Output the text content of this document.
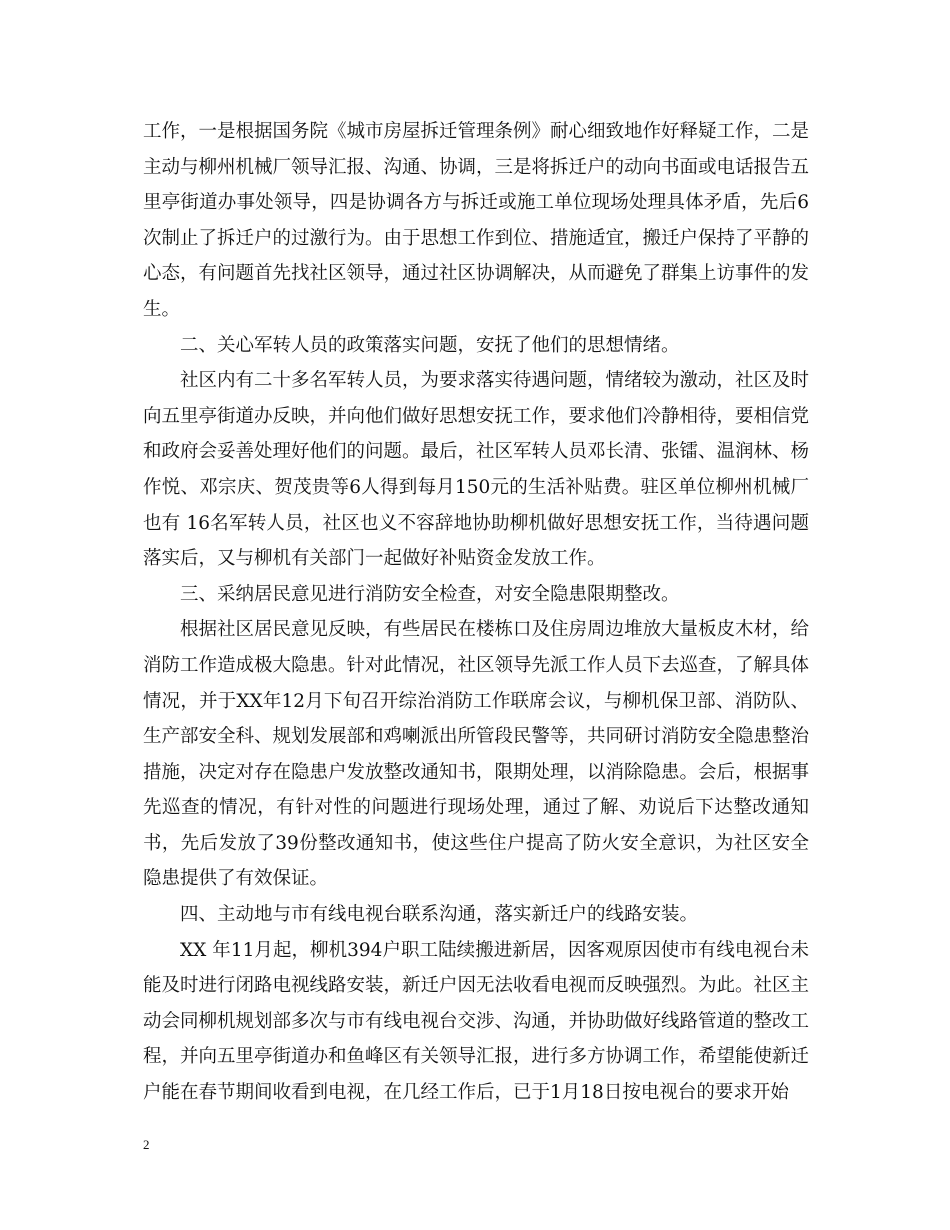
工作，一是根据国务院《城市房屋拆迁管理条例》耐心细致地作好释疑工作，二是主动与柳州机械厂领导汇报、沟通、协调，三是将拆迁户的动向书面或电话报告五里亭街道办事处领导，四是协调各方与拆迁或施工单位现场处理具体矛盾，先后6次制止了拆迁户的过激行为。由于思想工作到位、措施适宜，搬迁户保持了平静的心态，有问题首先找社区领导，通过社区协调解决，从而避免了群集上访事件的发生。

二、关心军转人员的政策落实问题，安抚了他们的思想情绪。

社区内有二十多名军转人员，为要求落实待遇问题，情绪较为激动，社区及时向五里亭街道办反映，并向他们做好思想安抚工作，要求他们冷静相待，要相信党和政府会妥善处理好他们的问题。最后，社区军转人员邓长清、张镭、温润林、杨作悦、邓宗庆、贺茂贵等6人得到每月150元的生活补贴费。驻区单位柳州机械厂也有 16名军转人员，社区也义不容辞地协助柳机做好思想安抚工作，当待遇问题落实后，又与柳机有关部门一起做好补贴资金发放工作。

三、采纳居民意见进行消防安全检查，对安全隐患限期整改。

根据社区居民意见反映，有些居民在楼栋口及住房周边堆放大量板皮木材，给消防工作造成极大隐患。针对此情况，社区领导先派工作人员下去巡查，了解具体情况，并于XX年12月下旬召开综治消防工作联席会议，与柳机保卫部、消防队、生产部安全科、规划发展部和鸡喇派出所管段民警等，共同研讨消防安全隐患整治措施，决定对存在隐患户发放整改通知书，限期处理，以消除隐患。会后，根据事先巡查的情况，有针对性的问题进行现场处理，通过了解、劝说后下达整改通知书，先后发放了39份整改通知书，使这些住户提高了防火安全意识，为社区安全隐患提供了有效保证。

四、主动地与市有线电视台联系沟通，落实新迁户的线路安装。

XX 年11月起，柳机394户职工陆续搬进新居，因客观原因使市有线电视台未能及时进行闭路电视线路安装，新迁户因无法收看电视而反映强烈。为此。社区主动会同柳机规划部多次与市有线电视台交涉、沟通，并协助做好线路管道的整改工程，并向五里亭街道办和鱼峰区有关领导汇报，进行多方协调工作，希望能使新迁户能在春节期间收看到电视，在几经工作后，已于1月18日按电视台的要求开始

2
